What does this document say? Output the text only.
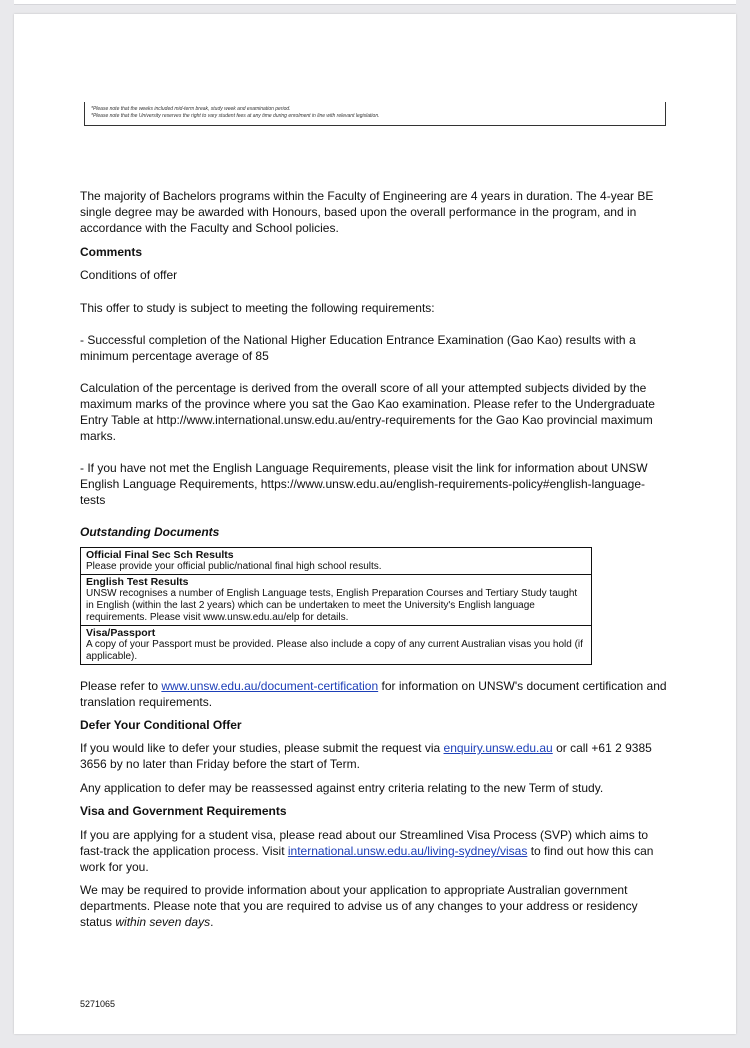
*Please note that the weeks included mid-term break, study week and examination period.
*Please note that the University reserves the right to vary student fees at any time during enrolment in line with relevant legislation.

The majority of Bachelors programs within the Faculty of Engineering are 4 years in duration. The 4-year BE single degree may be awarded with Honours, based upon the overall performance in the program, and in accordance with the Faculty and School policies.

Comments

Conditions of offer

This offer to study is subject to meeting the following requirements:

- Successful completion of the National Higher Education Entrance Examination (Gao Kao) results with a minimum percentage average of 85

Calculation of the percentage is derived from the overall score of all your attempted subjects divided by the maximum marks of the province where you sat the Gao Kao examination. Please refer to the Undergraduate Entry Table at http://www.international.unsw.edu.au/entry-requirements for the Gao Kao provincial maximum marks.

- If you have not met the English Language Requirements, please visit the link for information about UNSW English Language Requirements, https://www.unsw.edu.au/english-requirements-policy#english-language-tests

Outstanding Documents

Official Final Sec Sch Results
Please provide your official public/national final high school results.

English Test Results
UNSW recognises a number of English Language tests, English Preparation Courses and Tertiary Study taught in English (within the last 2 years) which can be undertaken to meet the University's English language requirements. Please visit www.unsw.edu.au/elp for details.

Visa/Passport
A copy of your Passport must be provided. Please also include a copy of any current Australian visas you hold (if applicable).

Please refer to www.unsw.edu.au/document-certification for information on UNSW's document certification and translation requirements.

Defer Your Conditional Offer

If you would like to defer your studies, please submit the request via enquiry.unsw.edu.au or call +61 2 9385 3656 by no later than Friday before the start of Term.

Any application to defer may be reassessed against entry criteria relating to the new Term of study.

Visa and Government Requirements

If you are applying for a student visa, please read about our Streamlined Visa Process (SVP) which aims to fast-track the application process. Visit international.unsw.edu.au/living-sydney/visas to find out how this can work for you.

We may be required to provide information about your application to appropriate Australian government departments. Please note that you are required to advise us of any changes to your address or residency status within seven days.

5271065
